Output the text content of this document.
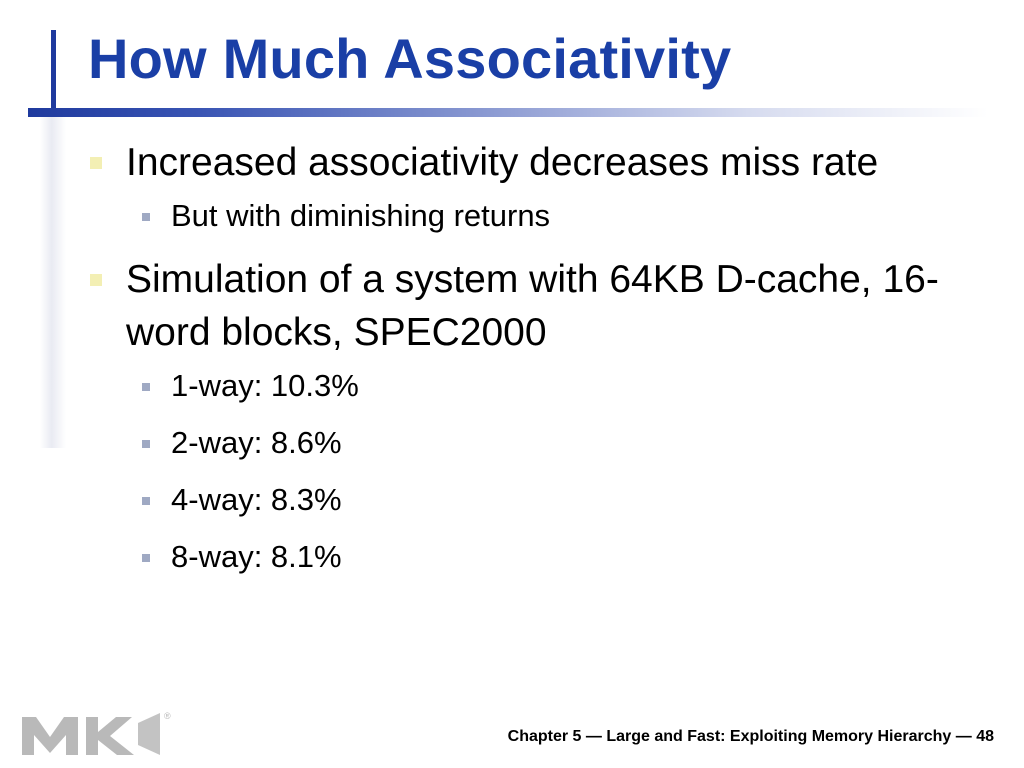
How Much Associativity
Increased associativity decreases miss rate
But with diminishing returns
Simulation of a system with 64KB D-cache, 16-word blocks, SPEC2000
1-way: 10.3%
2-way: 8.6%
4-way: 8.3%
8-way: 8.1%
®
Chapter 5 — Large and Fast: Exploiting Memory Hierarchy — 48
